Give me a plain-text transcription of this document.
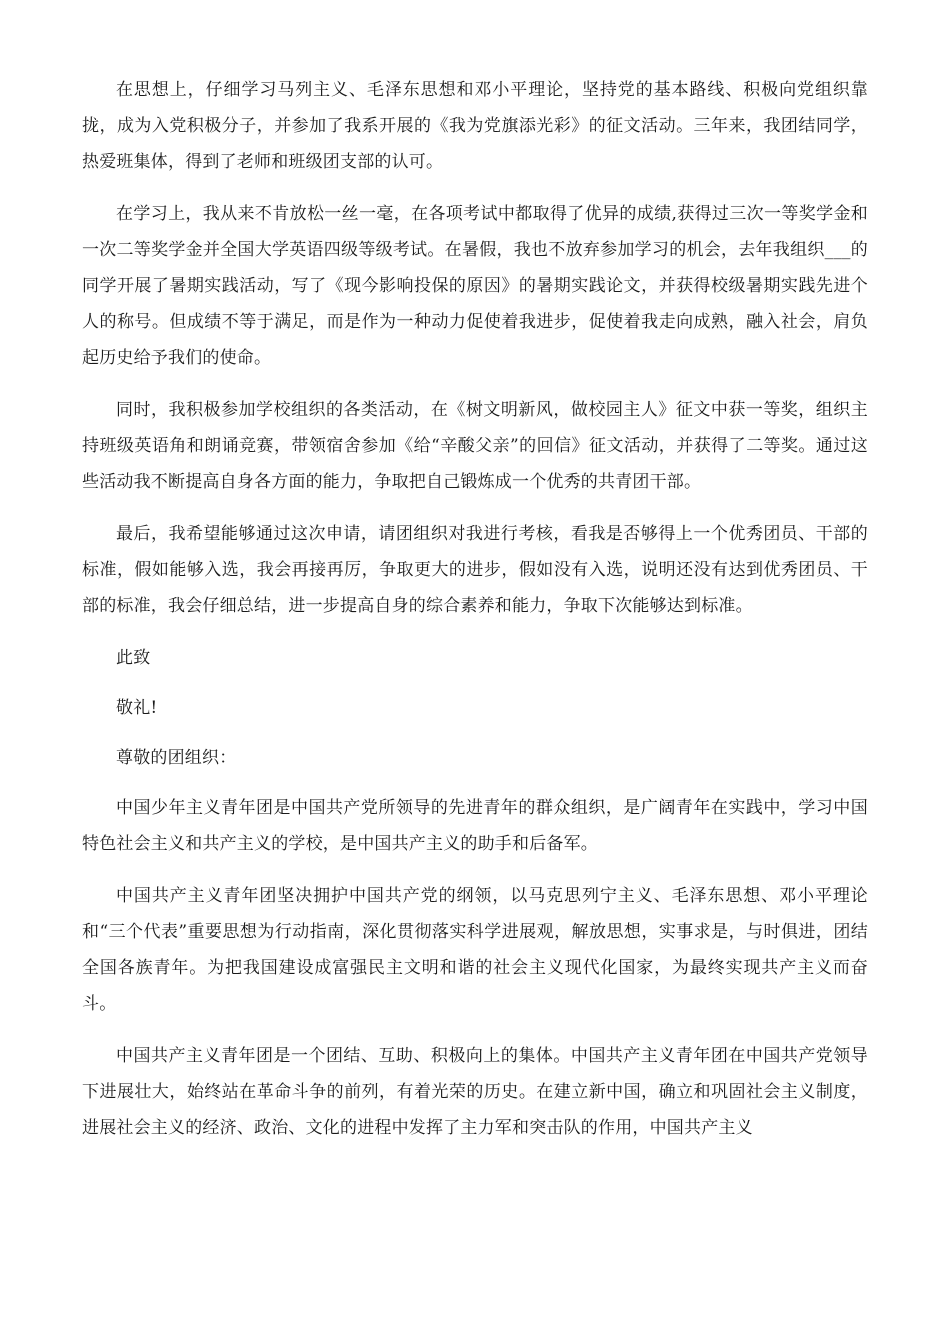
在思想上，仔细学习马列主义、毛泽东思想和邓小平理论，坚持党的基本路线、积极向党组织靠拢，成为入党积极分子，并参加了我系开展的《我为党旗添光彩》的征文活动。三年来，我团结同学，热爱班集体，得到了老师和班级团支部的认可。

在学习上，我从来不肯放松一丝一毫，在各项考试中都取得了优异的成绩,获得过三次一等奖学金和一次二等奖学金并全国大学英语四级等级考试。在暑假，我也不放弃参加学习的机会，去年我组织___的同学开展了暑期实践活动，写了《现今影响投保的原因》的暑期实践论文，并获得校级暑期实践先进个人的称号。但成绩不等于满足，而是作为一种动力促使着我进步，促使着我走向成熟，融入社会，肩负起历史给予我们的使命。

同时，我积极参加学校组织的各类活动，在《树文明新风，做校园主人》征文中获一等奖，组织主持班级英语角和朗诵竞赛，带领宿舍参加《给“辛酸父亲”的回信》征文活动，并获得了二等奖。通过这些活动我不断提高自身各方面的能力，争取把自己锻炼成一个优秀的共青团干部。

最后，我希望能够通过这次申请，请团组织对我进行考核，看我是否够得上一个优秀团员、干部的标准，假如能够入选，我会再接再厉，争取更大的进步，假如没有入选，说明还没有达到优秀团员、干部的标准，我会仔细总结，进一步提高自身的综合素养和能力，争取下次能够达到标准。

此致

敬礼!

尊敬的团组织：

中国少年主义青年团是中国共产党所领导的先进青年的群众组织，是广阔青年在实践中，学习中国特色社会主义和共产主义的学校，是中国共产主义的助手和后备军。

中国共产主义青年团坚决拥护中国共产党的纲领，以马克思列宁主义、毛泽东思想、邓小平理论和“三个代表”重要思想为行动指南，深化贯彻落实科学进展观，解放思想，实事求是，与时俱进，团结全国各族青年。为把我国建设成富强民主文明和谐的社会主义现代化国家，为最终实现共产主义而奋斗。

中国共产主义青年团是一个团结、互助、积极向上的集体。中国共产主义青年团在中国共产党领导下进展壮大，始终站在革命斗争的前列，有着光荣的历史。在建立新中国，确立和巩固社会主义制度，进展社会主义的经济、政治、文化的进程中发挥了主力军和突击队的作用，中国共产主义
